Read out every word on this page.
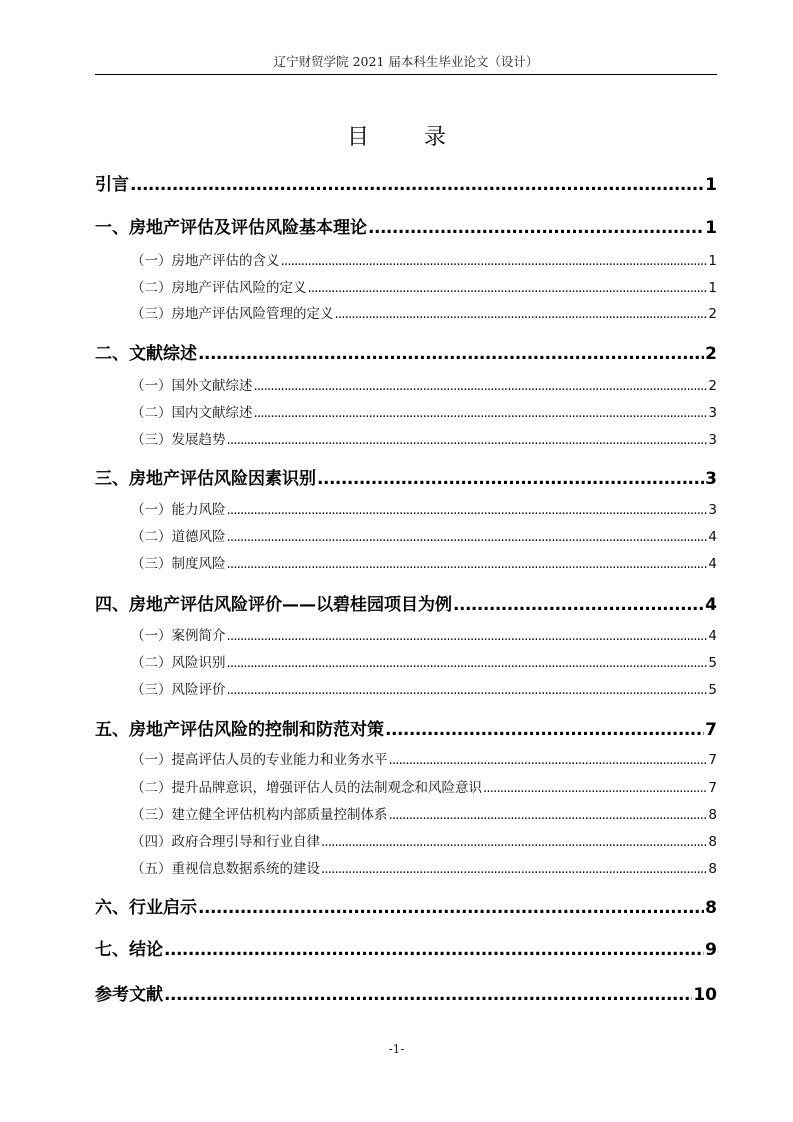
辽宁财贸学院 2021 届本科生毕业论文（设计）
目 录
引言 . . .	1
一、房地产评估及评估风险基本理论 . . .	1
（一）房地产评估的含义 . . .	1
（二）房地产评估风险的定义 . . .	1
（三）房地产评估风险管理的定义 . . .	2
二、文献综述 . . .	2
（一）国外文献综述 . . .	2
（二）国内文献综述 . . .	3
（三）发展趋势 . . .	3
三、房地产评估风险因素识别 . . .	3
（一）能力风险 . . .	3
（二）道德风险 . . .	4
（三）制度风险 . . .	4
四、房地产评估风险评价——以碧桂园项目为例 . . .	4
（一）案例简介 . . .	4
（二）风险识别 . . .	5
（三）风险评价 . . .	5
五、房地产评估风险的控制和防范对策 . . .	7
（一）提高评估人员的专业能力和业务水平 . . .	7
（二）提升品牌意识，增强评估人员的法制观念和风险意识 . . .	7
（三）建立健全评估机构内部质量控制体系 . . .	8
（四）政府合理引导和行业自律 . . .	8
（五）重视信息数据系统的建设 . . .	8
六、行业启示 . . .	8
七、结论 . . .	9
参考文献 . . .	10
-1-
